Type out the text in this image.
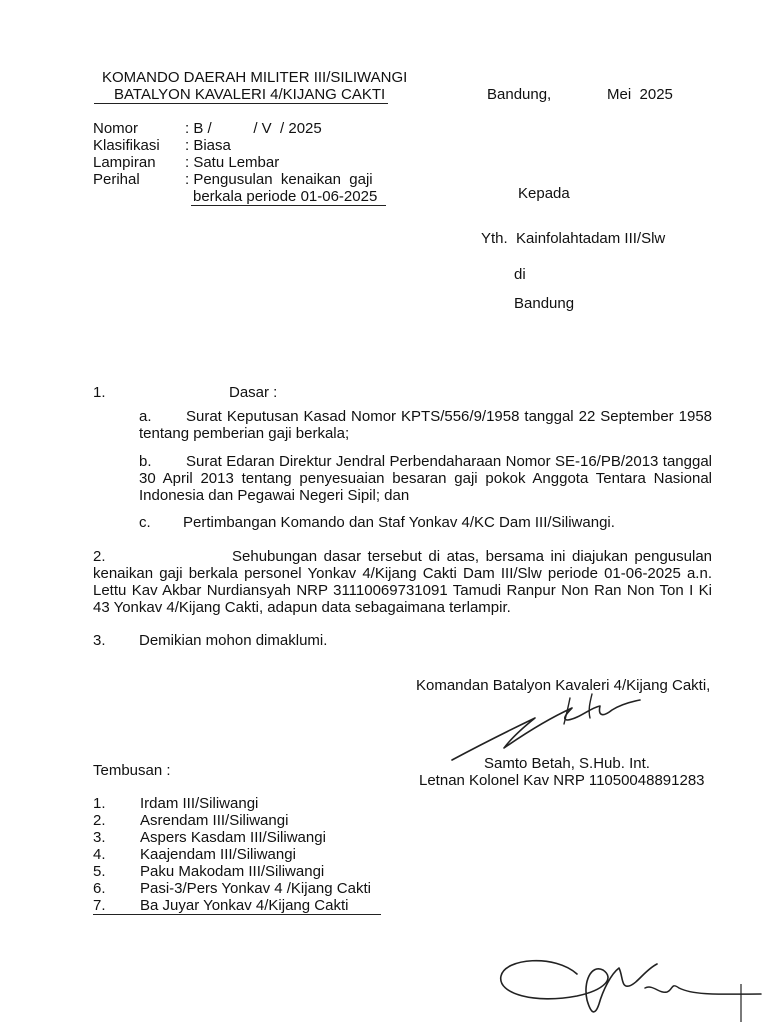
KOMANDO DAERAH MILITER III/SILIWANGI
BATALYON KAVALERI 4/KIJANG CAKTI	Bandung,	Mei  2025
Nomor	: B /          / V  / 2025
Klasifikasi : Biasa
Lampiran : Satu Lembar
Perihal	: Pengusulan  kenaikan  gaji
berkala periode 01-06-2025	Kepada
Yth.  Kainfolahtadam III/Slw
di
Bandung
1.	Dasar :
a.	Surat Keputusan Kasad Nomor KPTS/556/9/1958 tanggal 22 September 1958 tentang pemberian gaji berkala;
b.	Surat Edaran Direktur Jendral Perbendaharaan Nomor SE-16/PB/2013 tanggal 30 April 2013 tentang penyesuaian besaran gaji pokok Anggota Tentara Nasional Indonesia dan Pegawai Negeri Sipil; dan
c. Pertimbangan Komando dan Staf Yonkav 4/KC Dam III/Siliwangi.
2.	Sehubungan dasar tersebut di atas, bersama ini diajukan pengusulan kenaikan gaji berkala personel Yonkav 4/Kijang Cakti Dam III/Slw periode 01-06-2025 a.n. Lettu Kav Akbar Nurdiansyah NRP 31110069731091 Tamudi Ranpur Non Ran Non Ton I Ki 43 Yonkav 4/Kijang Cakti, adapun data sebagaimana terlampir.
3. Demikian mohon dimaklumi.
Komandan Batalyon Kavaleri 4/Kijang Cakti,
Samto Betah, S.Hub. Int.
Letnan Kolonel Kav NRP 11050048891283
Tembusan :
1. Irdam III/Siliwangi
2. Asrendam III/Siliwangi
3. Aspers Kasdam III/Siliwangi
4. Kaajendam III/Siliwangi
5. Paku Makodam III/Siliwangi
6. Pasi-3/Pers Yonkav 4 /Kijang Cakti
7. Ba Juyar Yonkav 4/Kijang Cakti
